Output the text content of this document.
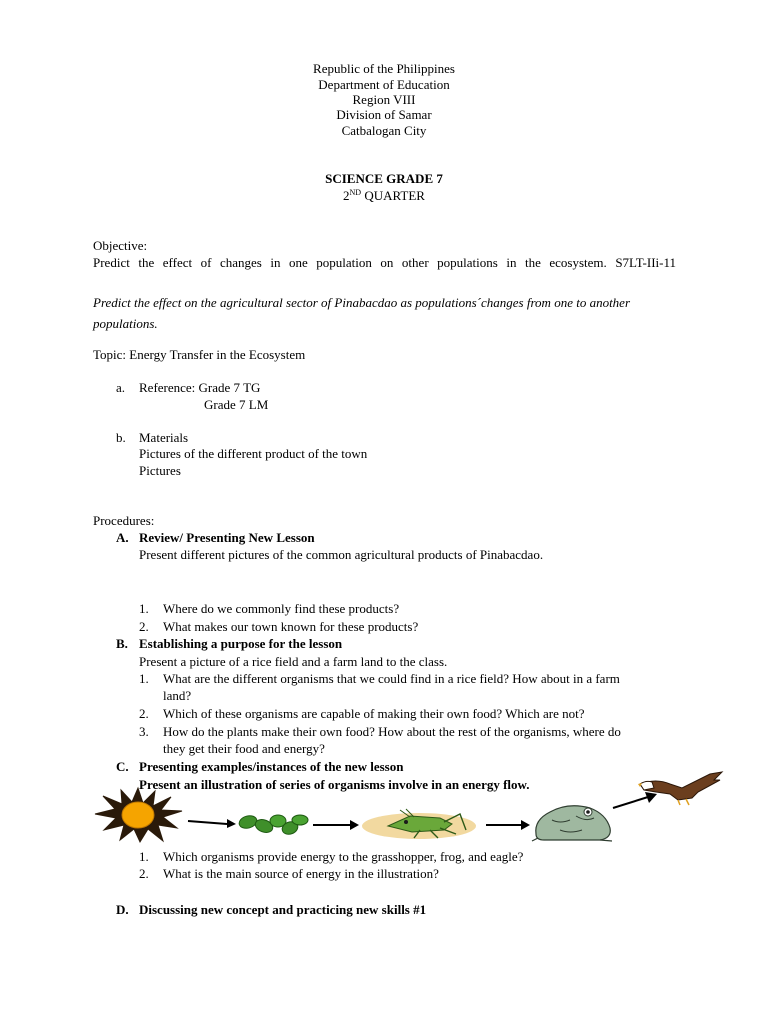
Republic of the Philippines
Department of Education
Region VIII
Division of Samar
Catbalogan City
SCIENCE GRADE 7
2ND QUARTER
Objective:
Predict the effect of changes in one population on other populations in the ecosystem. S7LT-IIi-11
Predict the effect on the agricultural sector of Pinabacdao as populations´changes from one to another populations.
Topic: Energy Transfer in the Ecosystem
a. Reference: Grade 7 TG
Grade 7 LM
b. Materials
Pictures of the different product of the town
Pictures
Procedures:
A. Review/ Presenting New Lesson
Present different pictures of the common agricultural products of Pinabacdao.
1. Where do we commonly find these products?
2. What makes our town known for these products?
B. Establishing a purpose for the lesson
Present a picture of a rice field and a farm land to the class.
1. What are the different organisms that we could find in a rice field? How about in a farm
land?
2. Which of these organisms are capable of making their own food? Which are not?
3. How do the plants make their own food? How about the rest of the organisms, where do
they get their food and energy?
C. Presenting examples/instances of the new lesson
Present an illustration of series of organisms involve in an energy flow.
1. Which organisms provide energy to the grasshopper, frog, and eagle?
2. What is the main source of energy in the illustration?
D. Discussing new concept and practicing new skills #1
